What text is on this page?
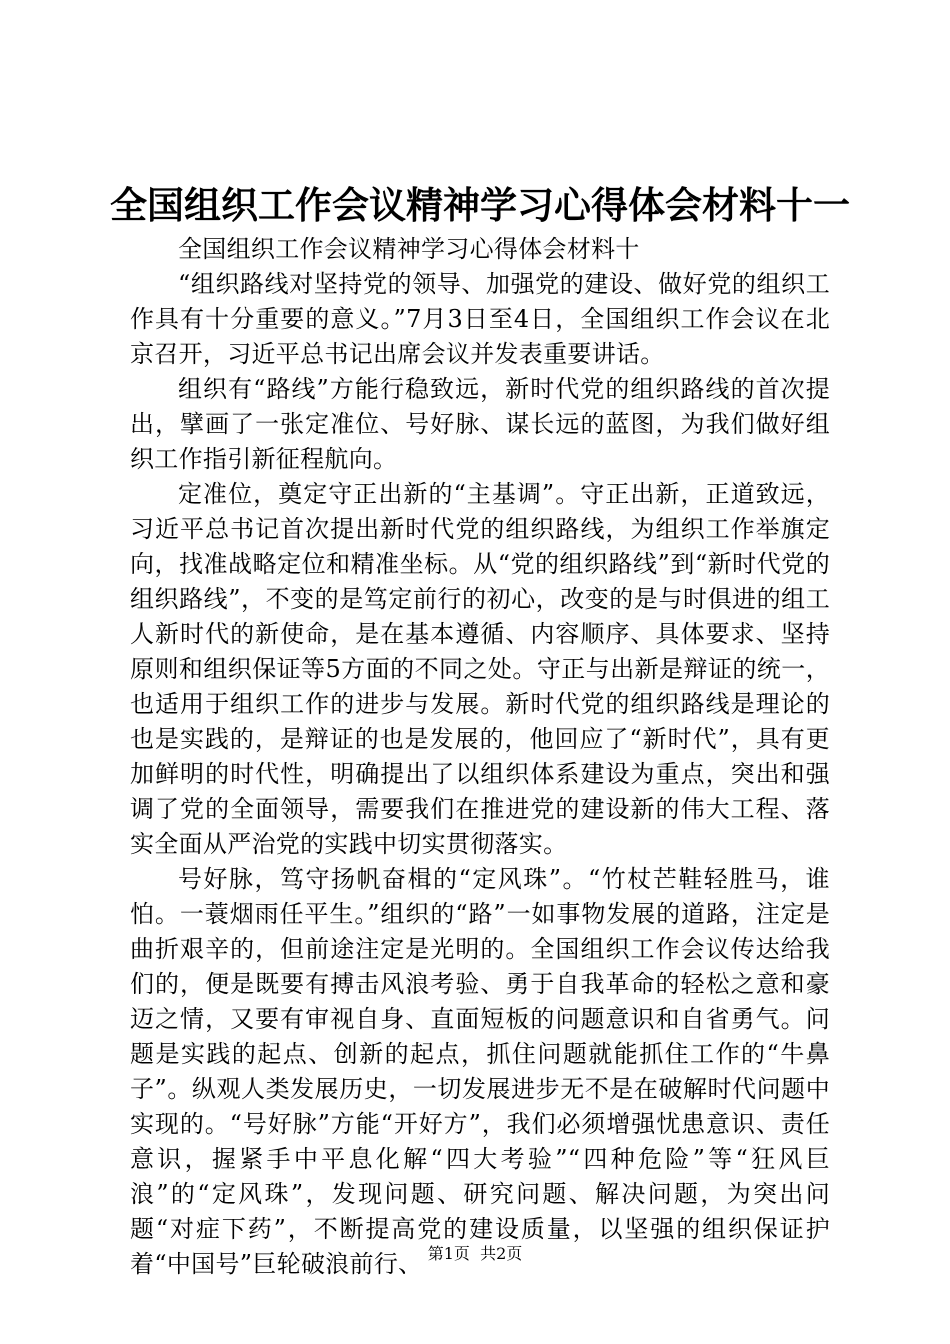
全国组织工作会议精神学习心得体会材料十一

全国组织工作会议精神学习心得体会材料十

“组织路线对坚持党的领导、加强党的建设、做好党的组织工作具有十分重要的意义。”7月3日至4日，全国组织工作会议在北京召开，习近平总书记出席会议并发表重要讲话。

组织有“路线”方能行稳致远，新时代党的组织路线的首次提出，擘画了一张定准位、号好脉、谋长远的蓝图，为我们做好组织工作指引新征程航向。

定准位，奠定守正出新的“主基调”。守正出新，正道致远，习近平总书记首次提出新时代党的组织路线，为组织工作举旗定向，找准战略定位和精准坐标。从“党的组织路线”到“新时代党的组织路线”，不变的是笃定前行的初心，改变的是与时俱进的组工人新时代的新使命，是在基本遵循、内容顺序、具体要求、坚持原则和组织保证等5方面的不同之处。守正与出新是辩证的统一，也适用于组织工作的进步与发展。新时代党的组织路线是理论的也是实践的，是辩证的也是发展的，他回应了“新时代”，具有更加鲜明的时代性，明确提出了以组织体系建设为重点，突出和强调了党的全面领导，需要我们在推进党的建设新的伟大工程、落实全面从严治党的实践中切实贯彻落实。

号好脉，笃守扬帆奋楫的“定风珠”。“竹杖芒鞋轻胜马，谁怕。一蓑烟雨任平生。”组织的“路”一如事物发展的道路，注定是曲折艰辛的，但前途注定是光明的。全国组织工作会议传达给我们的，便是既要有搏击风浪考验、勇于自我革命的轻松之意和豪迈之情，又要有审视自身、直面短板的问题意识和自省勇气。问题是实践的起点、创新的起点，抓住问题就能抓住工作的“牛鼻子”。纵观人类发展历史，一切发展进步无不是在破解时代问题中实现的。“号好脉”方能“开好方”，我们必须增强忧患意识、责任意识，握紧手中平息化解“四大考验”“四种危险”等“狂风巨浪”的“定风珠”，发现问题、研究问题、解决问题，为突出问题“对症下药”，不断提高党的建设质量，以坚强的组织保证护着“中国号”巨轮破浪前行、 第1页  共2页
